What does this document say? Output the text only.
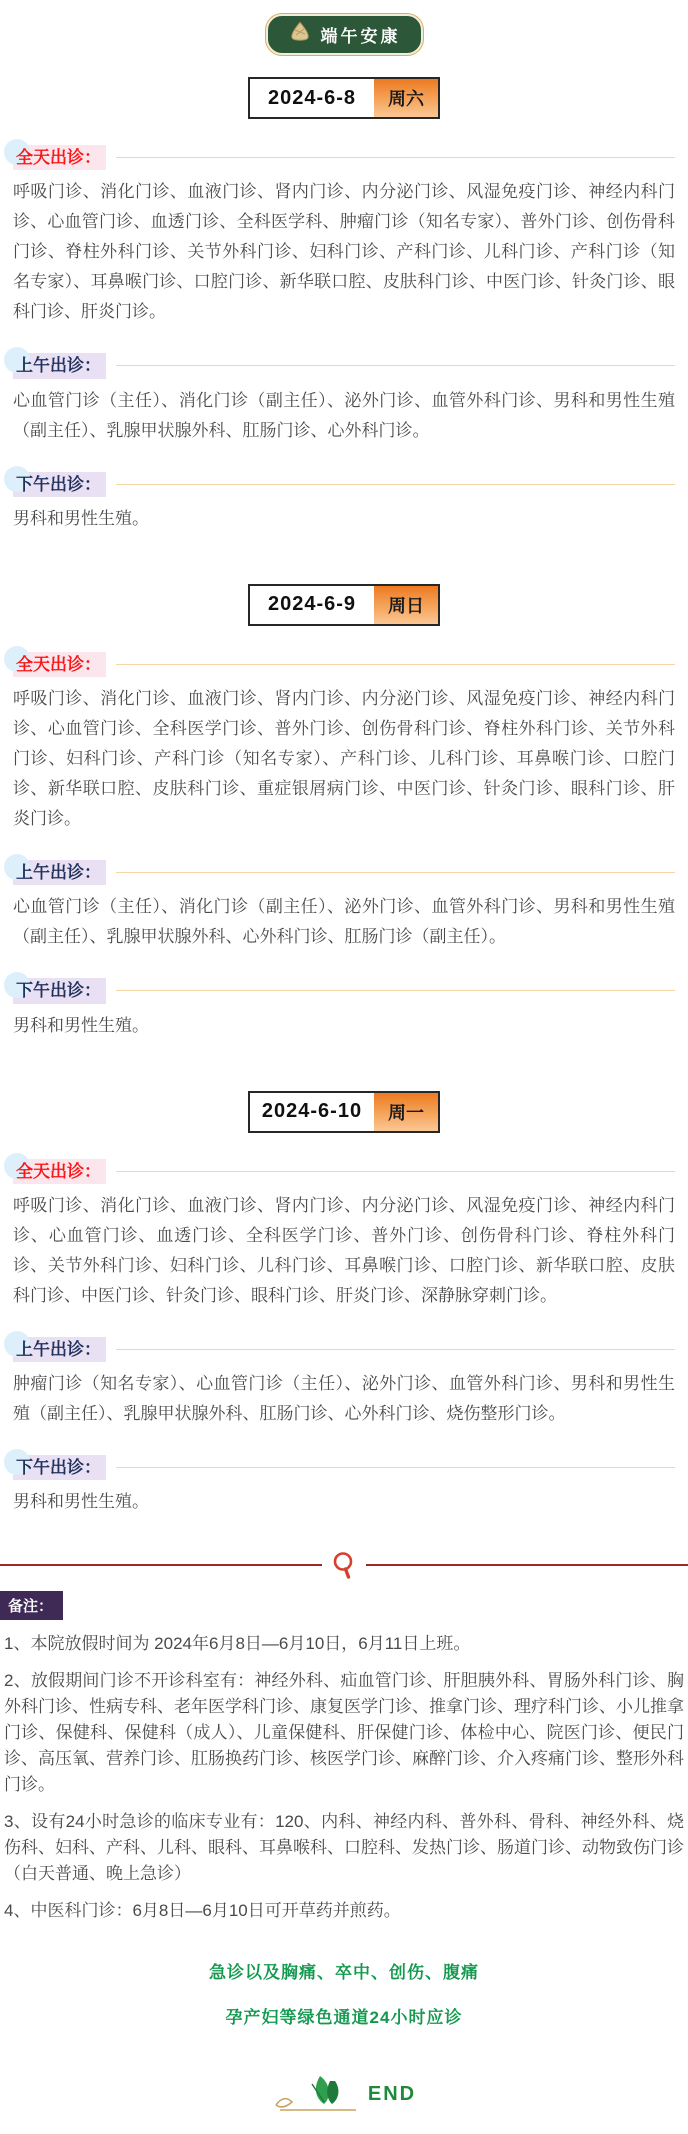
端午安康
2024-6-8	周六
全天出诊：

呼吸门诊、消化门诊、血液门诊、肾内门诊、内分泌门诊、风湿免疫门诊、神经内科门诊、心血管门诊、血透门诊、全科医学科、肿瘤门诊（知名专家）、普外门诊、创伤骨科门诊、脊柱外科门诊、关节外科门诊、妇科门诊、产科门诊、儿科门诊、产科门诊（知名专家）、耳鼻喉门诊、口腔门诊、新华联口腔、皮肤科门诊、中医门诊、针灸门诊、眼科门诊、肝炎门诊。

上午出诊：

心血管门诊（主任）、消化门诊（副主任）、泌外门诊、血管外科门诊、男科和男性生殖（副主任）、乳腺甲状腺外科、肛肠门诊、心外科门诊。

下午出诊：

男科和男性生殖。

2024-6-9	周日
全天出诊：

呼吸门诊、消化门诊、血液门诊、肾内门诊、内分泌门诊、风湿免疫门诊、神经内科门诊、心血管门诊、全科医学门诊、普外门诊、创伤骨科门诊、脊柱外科门诊、关节外科门诊、妇科门诊、产科门诊（知名专家）、产科门诊、儿科门诊、耳鼻喉门诊、口腔门诊、新华联口腔、皮肤科门诊、重症银屑病门诊、中医门诊、针灸门诊、眼科门诊、肝炎门诊。

上午出诊：

心血管门诊（主任）、消化门诊（副主任）、泌外门诊、血管外科门诊、男科和男性生殖（副主任）、乳腺甲状腺外科、心外科门诊、肛肠门诊（副主任）。

下午出诊：

男科和男性生殖。

2024-6-10	周一
全天出诊：

呼吸门诊、消化门诊、血液门诊、肾内门诊、内分泌门诊、风湿免疫门诊、神经内科门诊、心血管门诊、血透门诊、全科医学门诊、普外门诊、创伤骨科门诊、脊柱外科门诊、关节外科门诊、妇科门诊、儿科门诊、耳鼻喉门诊、口腔门诊、新华联口腔、皮肤科门诊、中医门诊、针灸门诊、眼科门诊、肝炎门诊、深静脉穿刺门诊。

上午出诊：

肿瘤门诊（知名专家）、心血管门诊（主任）、泌外门诊、血管外科门诊、男科和男性生殖（副主任）、乳腺甲状腺外科、肛肠门诊、心外科门诊、烧伤整形门诊。

下午出诊：

男科和男性生殖。

备注：

1、本院放假时间为 2024年6月8日—6月10日，6月11日上班。

2、放假期间门诊不开诊科室有：神经外科、疝血管门诊、肝胆胰外科、胃肠外科门诊、胸外科门诊、性病专科、老年医学科门诊、康复医学门诊、推拿门诊、理疗科门诊、小儿推拿门诊、保健科、保健科（成人）、儿童保健科、肝保健门诊、体检中心、院医门诊、便民门诊、高压氧、营养门诊、肛肠换药门诊、核医学门诊、麻醉门诊、介入疼痛门诊、整形外科门诊。

3、设有24小时急诊的临床专业有：120、内科、神经内科、普外科、骨科、神经外科、烧伤科、妇科、产科、儿科、眼科、耳鼻喉科、口腔科、发热门诊、肠道门诊、动物致伤门诊（白天普通、晚上急诊）

4、中医科门诊：6月8日—6月10日可开草药并煎药。

急诊以及胸痛、卒中、创伤、腹痛

孕产妇等绿色通道24小时应诊

END
